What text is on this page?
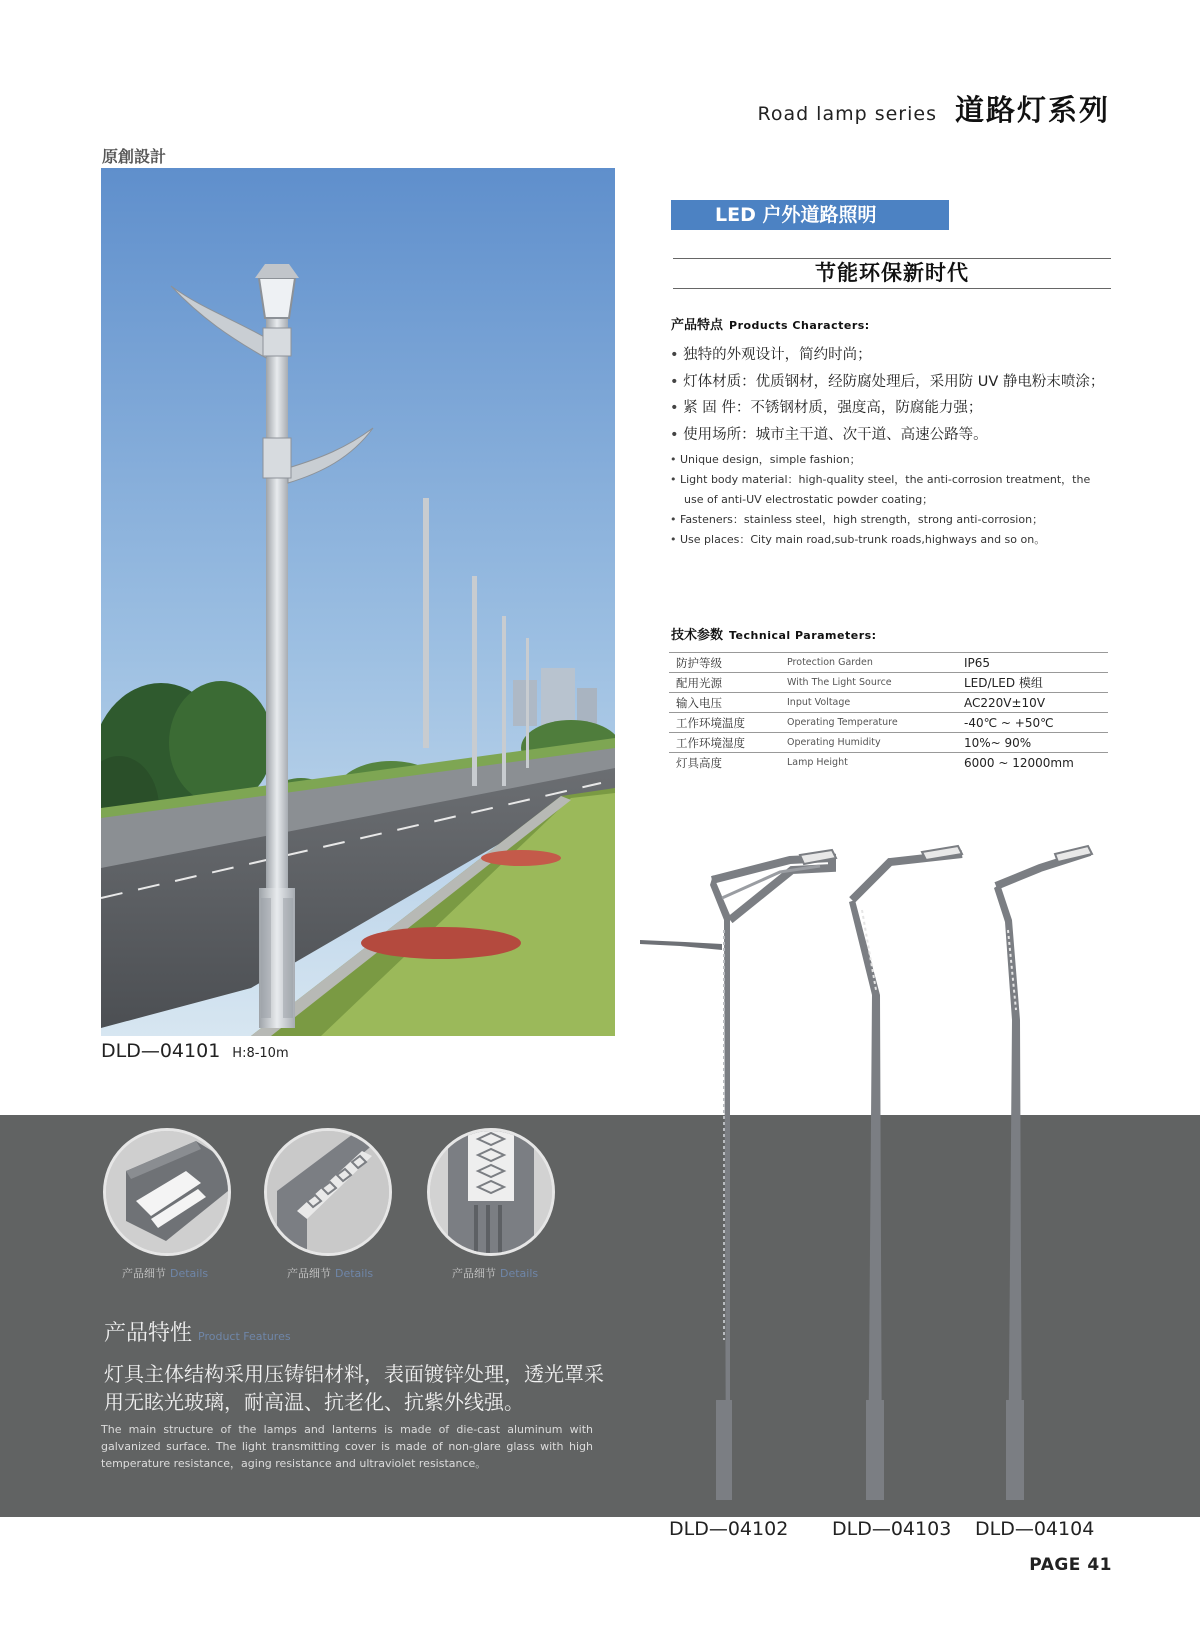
Road lamp series 道路灯系列
原創設計
DLD—04101 H:8-10m
LED 户外道路照明
节能环保新时代
产品特点 Products Characters:
• 独特的外观设计，简约时尚；
• 灯体材质：优质钢材，经防腐处理后，采用防 UV 静电粉末喷涂；
• 紧 固 件：不锈钢材质，强度高，防腐能力强；
• 使用场所：城市主干道、次干道、高速公路等。
• Unique design，simple fashion；
• Light body material：high-quality steel，the anti-corrosion treatment，the use of anti-UV electrostatic powder coating；
• Fasteners：stainless steel，high strength，strong anti-corrosion；
• Use places：City main road,sub-trunk roads,highways and so on。
技术参数 Technical Parameters:
防护等级	Protection Garden	IP65
配用光源	With The Light Source	LED/LED 模组
输入电压	Input Voltage	AC220V±10V
工作环境温度	Operating Temperature	-40℃ ~ +50℃
工作环境湿度	Operating Humidity	10%~ 90%
灯具高度	Lamp Height	6000 ~ 12000mm
产品细节 Details	产品细节 Details	产品细节 Details
产品特性 Product Features
灯具主体结构采用压铸铝材料，表面镀锌处理，透光罩采用无眩光玻璃，耐高温、抗老化、抗紫外线强。
The main structure of the lamps and lanterns is made of die-cast aluminum with galvanized surface. The light transmitting cover is made of non-glare glass with high temperature resistance，aging resistance and ultraviolet resistance。
DLD—04102 DLD—04103 DLD—04104
PAGE 41
